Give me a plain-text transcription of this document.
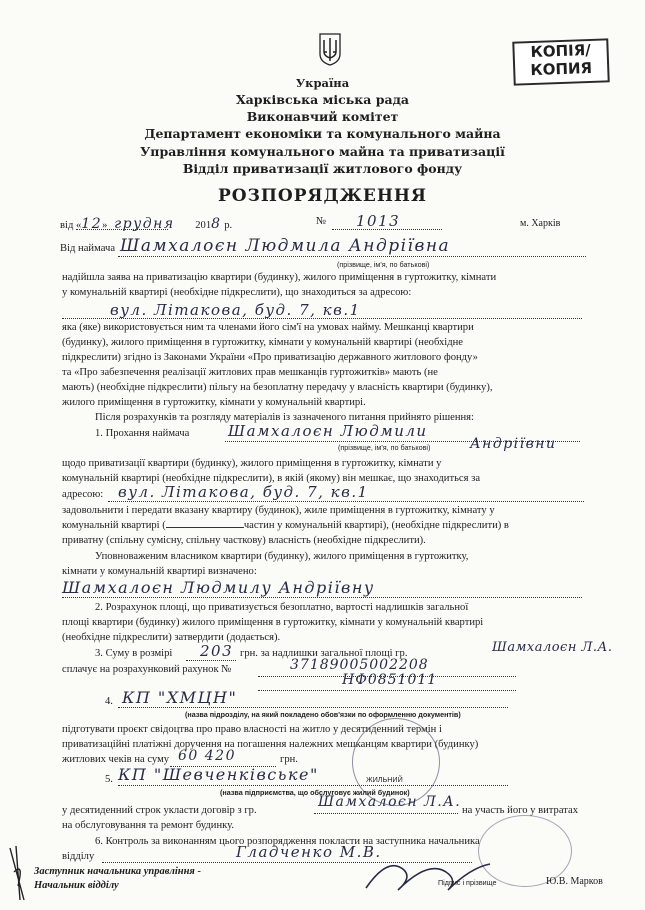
КОПІЯ/
КОПИЯ
Україна
Харківська міська рада
Виконавчий комітет
Департамент економіки та комунального майна
Управління комунального майна та приватизації
Відділ приватизації житлового фонду
РОЗПОРЯДЖЕННЯ
від «12» грудня 2018 р.	№ 1013	м. Харків
Від наймача Шамхалоєн Людмила Андріївна
(прізвище, ім'я, по батькові)
надійшла заява на приватизацію квартири (будинку), жилого приміщення в гуртожитку, кімнати
у комунальній квартирі (необхідне підкреслити), що знаходиться за адресою:
вул. Літакова, буд. 7, кв.1
яка (яке) використовується ним та членами його сім'ї на умовах найму. Мешканці квартири
(будинку), жилого приміщення в гуртожитку, кімнати у комунальній квартирі (необхідне
підкреслити) згідно із Законами України «Про приватизацію державного житлового фонду»
та «Про забезпечення реалізації житлових прав мешканців гуртожитків» мають (не
мають) (необхідне підкреслити) пільгу на безоплатну передачу у власність квартири (будинку),
жилого приміщення в гуртожитку, кімнати у комунальній квартирі.
Після розрахунків та розгляду матеріалів із зазначеного питання прийнято рішення:
1. Прохання наймача	Шамхалоєн Людмили
(прізвище, ім'я, по батькові)	Андріївни
щодо приватизації квартири (будинку), жилого приміщення в гуртожитку, кімнати у
комунальній квартирі (необхідне підкреслити), в якій (якому) він мешкає, що знаходиться за
адресою: вул. Літакова, буд. 7, кв.1
задовольнити і передати вказану квартиру (будинок), жиле приміщення в гуртожитку, кімнату у
комунальній квартирі (	частин у комунальній квартирі), (необхідне підкреслити) в
приватну (спільну сумісну, спільну часткову) власність (необхідне підкреслити).
Уповноваженим власником квартири (будинку), жилого приміщення в гуртожитку,
кімнати у комунальній квартирі визначено:
Шамхалоєн Людмилу Андріївну
2. Розрахунок площі, що приватизується безоплатно, вартості надлишків загальної
площі квартири (будинку) жилого приміщення в гуртожитку, кімнати у комунальній квартирі
(необхідне підкреслити) затвердити (додається).
3. Суму в розмірі 203 грн. за надлишки загальної площі гр.	Шамхалоєн Л.А.
сплачує на розрахунковий рахунок №	37189005002208
НФ0851011
4. КП "ХМЦН"
(назва підрозділу, на який покладено обов'язки по оформленню документів)
підготувати проєкт свідоцтва про право власності на житло у десятиденний термін і
приватизаційні платіжні доручення на погашення належних мешканцям квартири (будинку)
житлових чеків на суму 60 420	грн.
5. КП "Шевченківське"	ЖИЛЬНИЙ
(назва підприємства, що обслуговує жилий будинок)
у десятиденний строк укласти договір з гр.
Шамхалоєн Л.А.
на участь його у витратах
на обслуговування та ремонт будинку.
6. Контроль за виконанням цього розпорядження покласти на заступника начальника
відділу	Гладченко М.В.
Заступник начальника управління -
Начальник відділу	Підпис і прізвище	Ю.В. Марков
